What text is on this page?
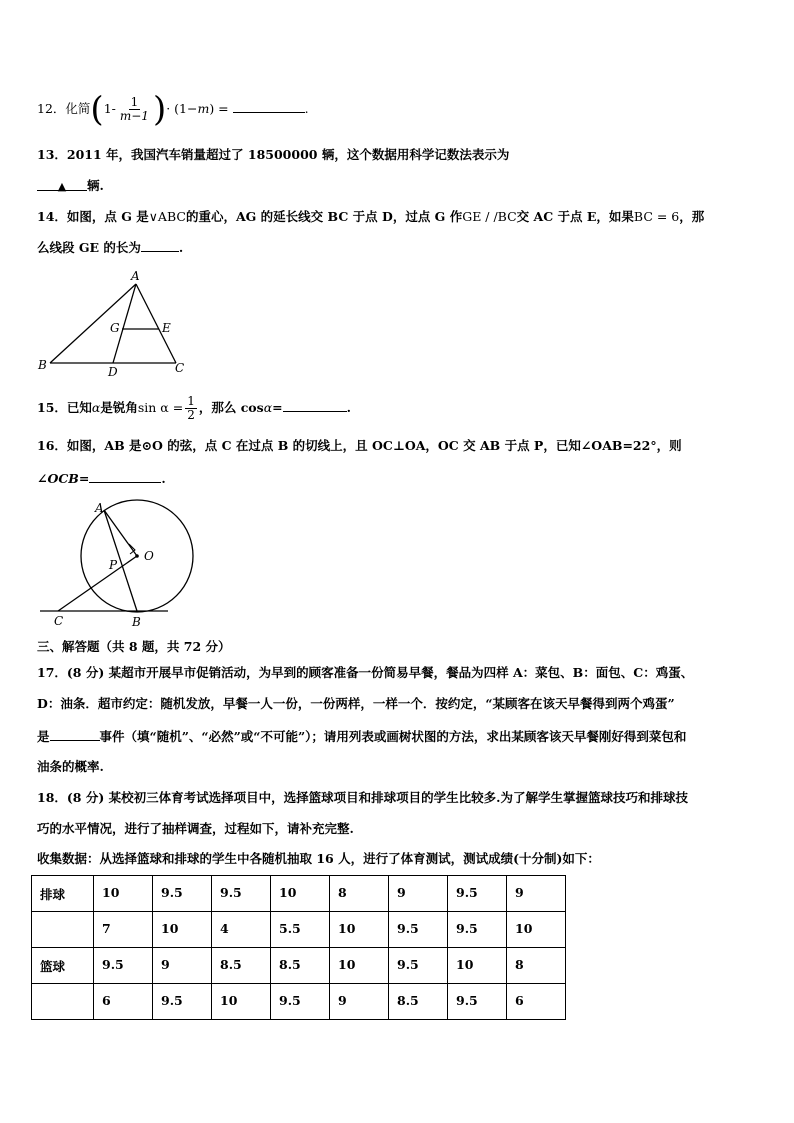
12．化简($1- \frac{1}{m-1}$ )· (1−m) =	.
13．2011 年，我国汽车销量超过了 18500000 辆，这个数据用科学记数法表示为
▲ 辆.
14．如图，点 G 是∨ABC的重心，AG 的延长线交 BC 于点 D，过点 G 作GE / /BC交 AC 于点 E，如果BC = 6，那
么线段 GE 的长为	.
A
G	E
B	D	C
15．已知α是锐角$\sin \alpha = \frac{1}{2}$ ，那么 cosα=	.
16．如图，AB 是⊙O 的弦，点 C 在过点 B 的切线上，且 OC⊥OA，OC 交 AB 于点 P，已知∠OAB=22°，则
∠OCB=	.
A
O
P
C	B
三、解答题（共 8 题，共 72 分）
17．(8 分) 某超市开展早市促销活动，为早到的顾客准备一份简易早餐，餐品为四样 A：菜包、B：面包、C：鸡蛋、
D：油条．超市约定：随机发放，早餐一人一份，一份两样，一样一个．按约定，“某顾客在该天早餐得到两个鸡蛋”
是	事件（填“随机”、“必然”或“不可能”）；请用列表或画树状图的方法，求出某顾客该天早餐刚好得到菜包和
油条的概率.
18．(8 分) 某校初三体育考试选择项目中，选择篮球项目和排球项目的学生比较多.为了解学生掌握篮球技巧和排球技
巧的水平情况，进行了抽样调查，过程如下，请补充完整.
收集数据：从选择篮球和排球的学生中各随机抽取 16 人，进行了体育测试，测试成绩(十分制)如下：
排球	10	9.5	9.5	10	8	9	9.5	9
	7	10	4	5.5	10	9.5	9.5	10
篮球	9.5	9	8.5	8.5	10	9.5	10	8
	6	9.5	10	9.5	9	8.5	9.5	6
